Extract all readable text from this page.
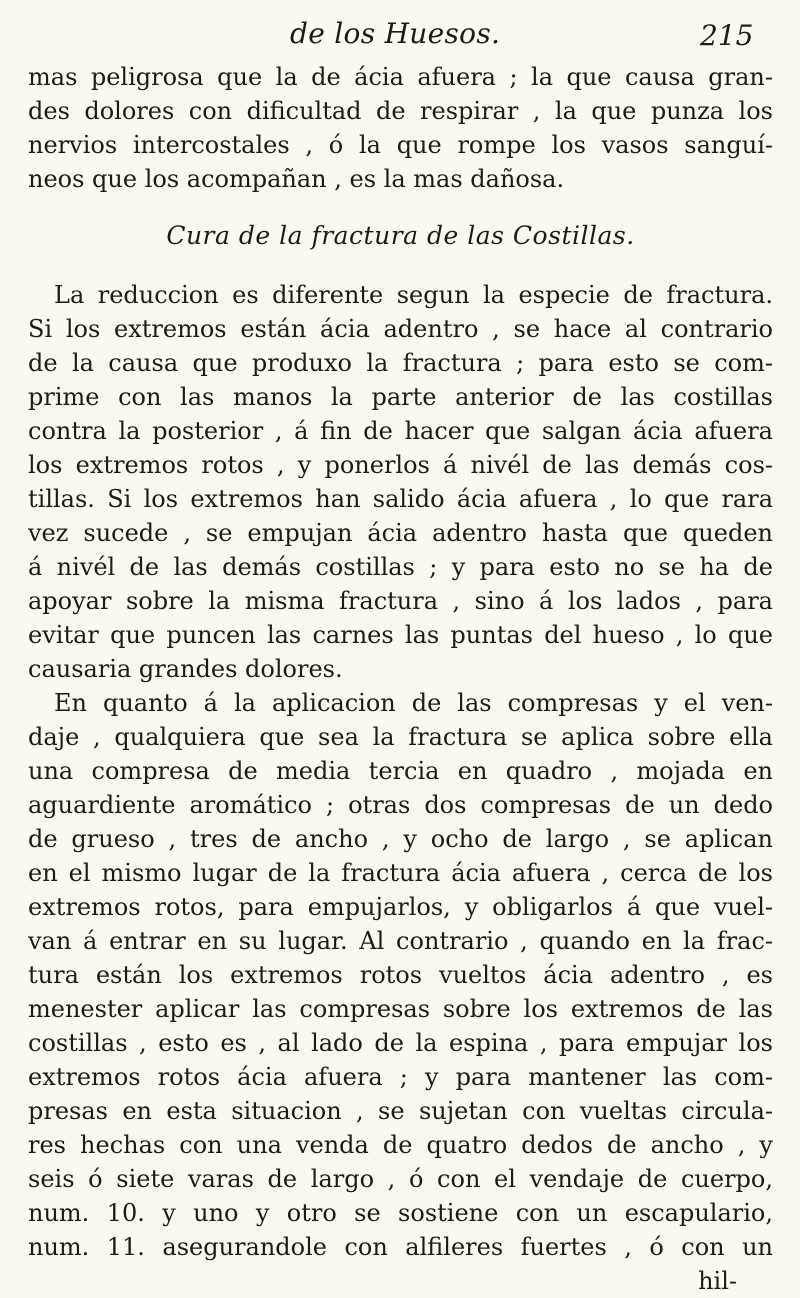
de los Huesos.	215
mas peligrosa que la de ácia afuera ; la que causa gran-
des dolores con dificultad de respirar , la que punza los
nervios intercostales , ó la que rompe los vasos sanguí-
neos que los acompañan , es la mas dañosa.
Cura de la fractura de las Costillas.
La reduccion es diferente segun la especie de fractura.
Si los extremos están ácia adentro , se hace al contrario
de la causa que produxo la fractura ; para esto se com-
prime con las manos la parte anterior de las costillas
contra la posterior , á fin de hacer que salgan ácia afuera
los extremos rotos , y ponerlos á nivél de las demás cos-
tillas. Si los extremos han salido ácia afuera , lo que rara
vez sucede , se empujan ácia adentro hasta que queden
á nivél de las demás costillas ; y para esto no se ha de
apoyar sobre la misma fractura , sino á los lados , para
evitar que puncen las carnes las puntas del hueso , lo que
causaria grandes dolores.
En quanto á la aplicacion de las compresas y el ven-
daje , qualquiera que sea la fractura se aplica sobre ella
una compresa de media tercia en quadro , mojada en
aguardiente aromático ; otras dos compresas de un dedo
de grueso , tres de ancho , y ocho de largo , se aplican
en el mismo lugar de la fractura ácia afuera , cerca de los
extremos rotos, para empujarlos, y obligarlos á que vuel-
van á entrar en su lugar. Al contrario , quando en la frac-
tura están los extremos rotos vueltos ácia adentro , es
menester aplicar las compresas sobre los extremos de las
costillas , esto es , al lado de la espina , para empujar los
extremos rotos ácia afuera ; y para mantener las com-
presas en esta situacion , se sujetan con vueltas circula-
res hechas con una venda de quatro dedos de ancho , y
seis ó siete varas de largo , ó con el vendaje de cuerpo,
num. 10. y uno y otro se sostiene con un escapulario,
num. 11. asegurandole con alfileres fuertes , ó con un
hil-
